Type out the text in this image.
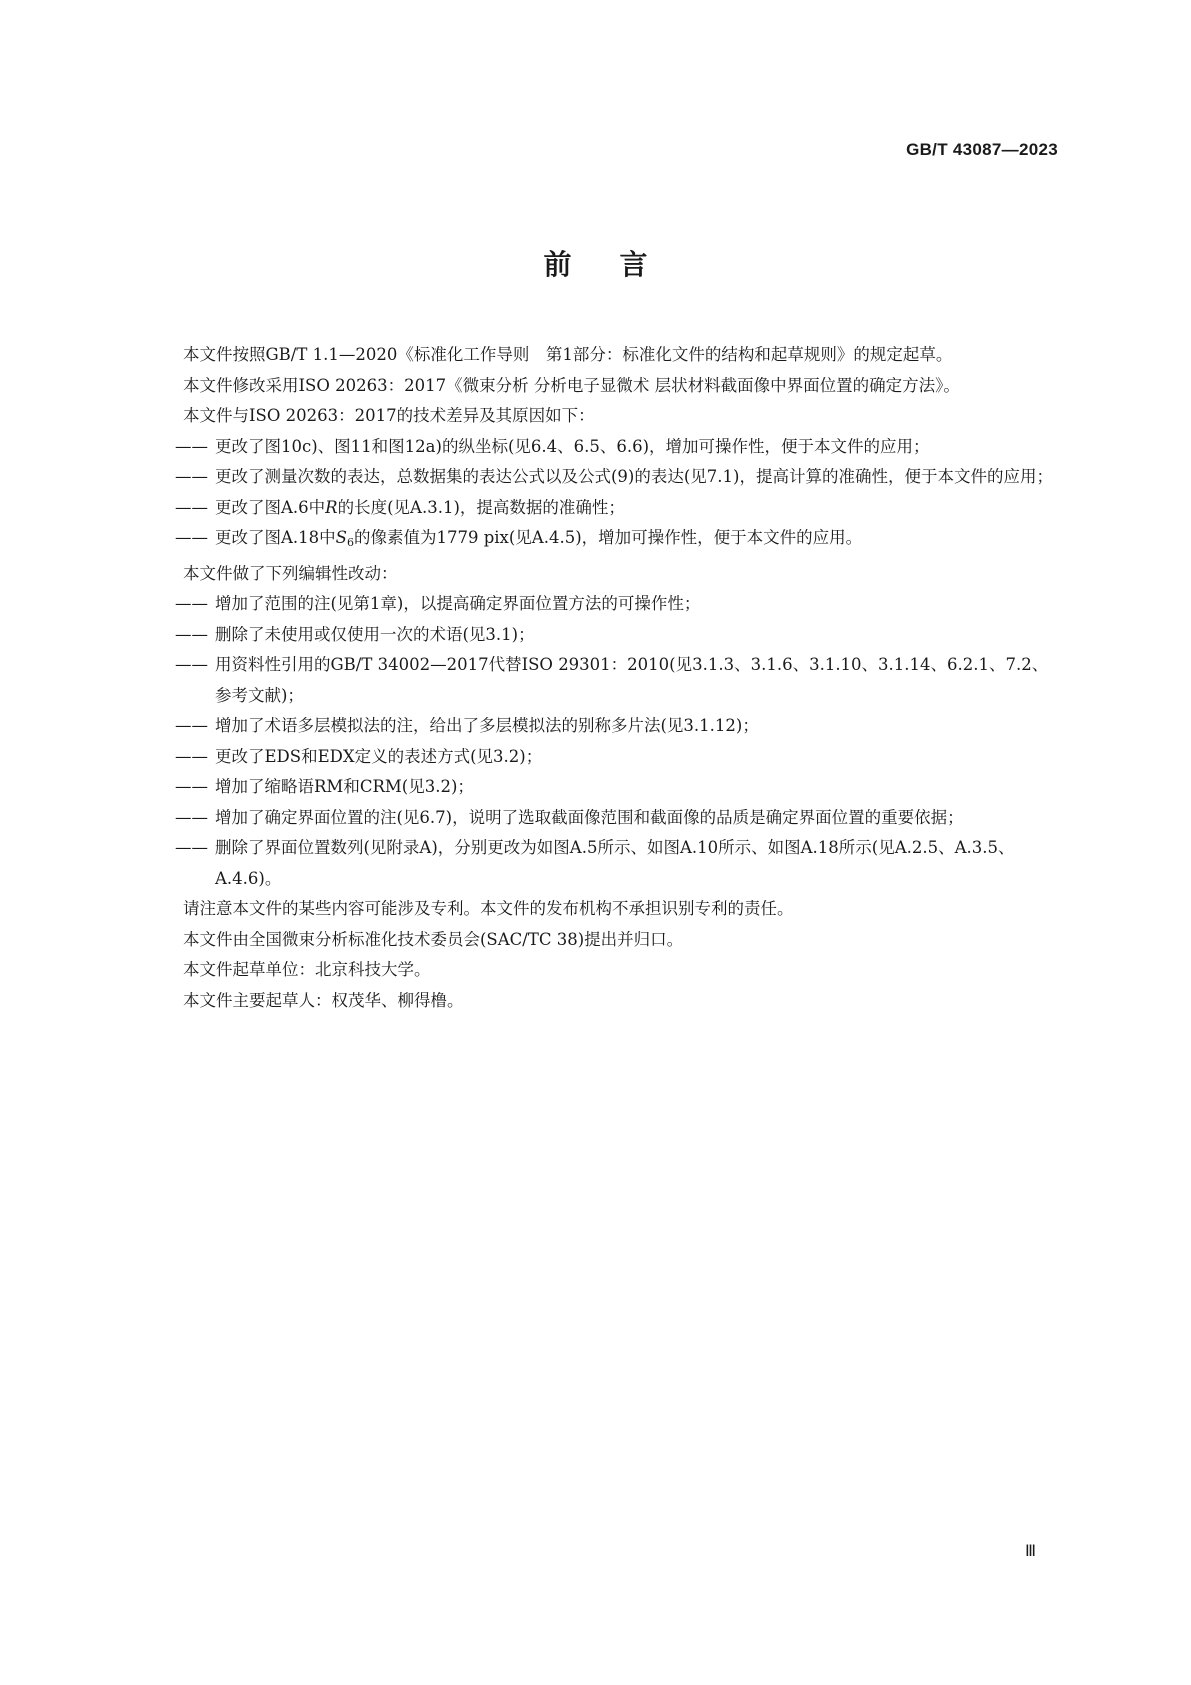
GB/T 43087—2023
前言

本文件按照GB/T 1.1—2020《标准化工作导则　第1部分：标准化文件的结构和起草规则》的规定起草。

本文件修改采用ISO 20263：2017《微束分析 分析电子显微术 层状材料截面像中界面位置的确定方法》。

本文件与ISO 20263：2017的技术差异及其原因如下：

—— 更改了图10c)、图11和图12a)的纵坐标(见6.4、6.5、6.6)，增加可操作性，便于本文件的应用；

—— 更改了测量次数的表达，总数据集的表达公式以及公式(9)的表达(见7.1)，提高计算的准确性，便于本文件的应用；

—— 更改了图A.6中R的长度(见A.3.1)，提高数据的准确性；

—— 更改了图A.18中$S_6$的像素值为1779 pix(见A.4.5)，增加可操作性，便于本文件的应用。

本文件做了下列编辑性改动：

—— 增加了范围的注(见第1章)，以提高确定界面位置方法的可操作性；

—— 删除了未使用或仅使用一次的术语(见3.1)；

—— 用资料性引用的GB/T 34002—2017代替ISO 29301：2010(见3.1.3、3.1.6、3.1.10、3.1.14、6.2.1、7.2、参考文献)；

—— 增加了术语多层模拟法的注，给出了多层模拟法的别称多片法(见3.1.12)；

—— 更改了EDS和EDX定义的表述方式(见3.2)；

—— 增加了缩略语RM和CRM(见3.2)；

—— 增加了确定界面位置的注(见6.7)，说明了选取截面像范围和截面像的品质是确定界面位置的重要依据；

—— 删除了界面位置数列(见附录A)，分别更改为如图A.5所示、如图A.10所示、如图A.18所示(见A.2.5、A.3.5、A.4.6)。

请注意本文件的某些内容可能涉及专利。本文件的发布机构不承担识别专利的责任。

本文件由全国微束分析标准化技术委员会(SAC/TC 38)提出并归口。

本文件起草单位：北京科技大学。

本文件主要起草人：权茂华、柳得橹。

Ⅲ
